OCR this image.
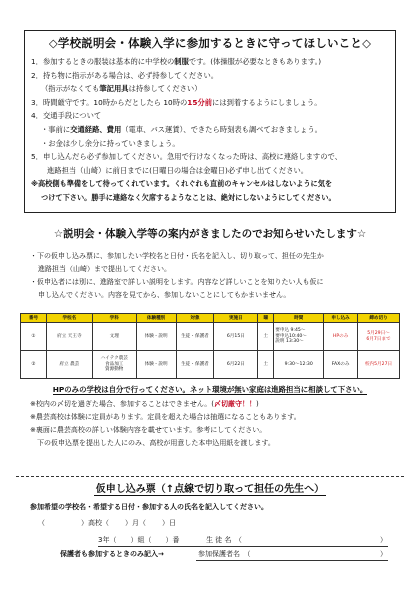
◇学校説明会・体験入学に参加するときに守ってほしいこと◇
1．参加するときの服装は基本的に中学校の制服です。(体操服が必要なときもあります。)
2．持ち物に指示がある場合は、必ず持参してください。
（指示がなくても筆記用具は持参してください）
3．時間厳守です。10時からだとしたら 10時の15分前には到着するようにしましょう。
4．交通手段について
・事前に交通経路、費用（電車、バス運賃）、できたら時刻表も調べておきましょう。
・お金は少し余分に持っていきましょう。
5．申し込んだら必ず参加してください。急用で行けなくなった時は、高校に連絡しますので、
進路担当（山崎）に前日までに(日曜日の場合は金曜日)必ず申し出てください。
※高校側も準備をして待ってくれています。くれぐれも直前のキャンセルはしないように気を
つけて下さい。勝手に連絡なく欠席するようなことは、絶対にしないようにしてください。
☆説明会・体験入学等の案内がきましたのでお知らせいたします☆
・下の仮申し込み票に、参加したい学校名と日付・氏名を記入し、切り取って、担任の先生か
進路担当（山崎）まで提出してください。
・仮申込者には別に、進路室で詳しい説明をします。内容など詳しいことを知りたい人も仮に
申し込んでください。内容を見てから、参加しないことにしてもかまいません。
番号	学校名	学科	体験種別	対象	実施日	曜	時間	申し込み	締め切り
①	府立 天王寺	文理	体験・説明	生徒・保護者	6月15日	土	要申込 9:45～
要申込10:40～
説明 13:30～	HPのみ	5月29日～
6月7日まで
②	府立 農芸	ハイテク農芸
食品加工
資源動物	体験・説明	生徒・保護者	6月22日	土	9:30～12:30	FAXのみ	校内5月27日
HPのみの学校は自分で行ってください。ネット環境が無い家庭は進路担当に相談して下さい。
※校内の〆切を過ぎた場合、参加することはできません。(〆切厳守！！)
※農芸高校は体験に定員があります。定員を超えた場合は抽選になることもあります。
※裏面に農芸高校の詳しい体験内容を載せています。参考にしてください。
　下の仮申込票を提出した人にのみ、高校が用意した本申込用紙を渡します。
仮申し込み票（↑点線で切り取って担任の先生へ）
参加希望の学校名・希望する日付・参加する人の氏名を記入してください。
（	）高校（ ）月（ ）日
3年（　　）組（　　）番	生 徒 名　（	）
保護者も参加するときのみ記入→	参加保護者名　（	）
